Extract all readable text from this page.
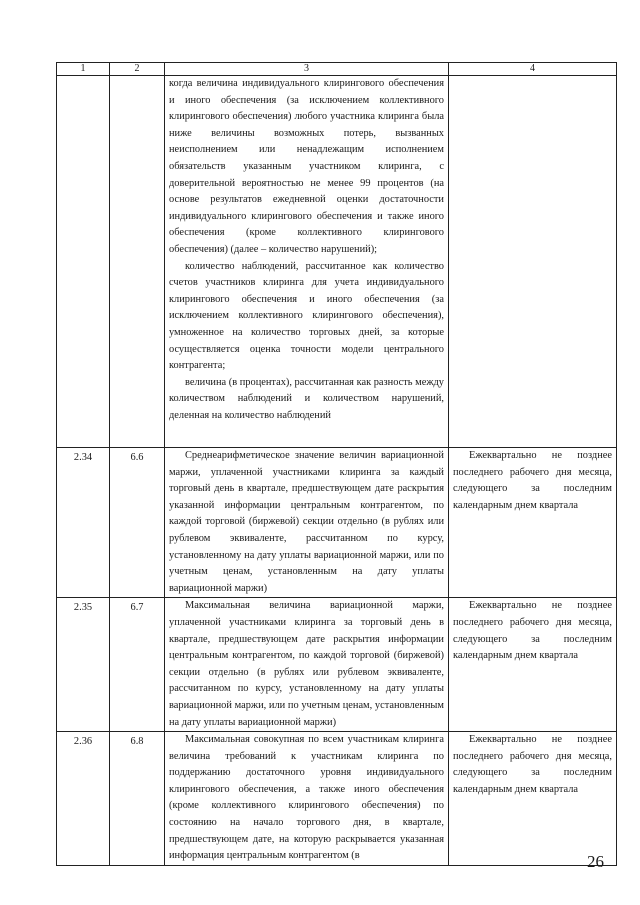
1	2	3	4

		когда величина индивидуального клирингового обеспечения и иного обеспечения (за исключением коллективного клирингового обеспечения) любого участника клиринга была ниже величины возможных потерь, вызванных неисполнением или ненадлежащим исполнением обязательств указанным участником клиринга, с доверительной вероятностью не менее 99 процентов (на основе результатов ежедневной оценки достаточности индивидуального клирингового обеспечения и также иного обеспечения (кроме коллективного клирингового обеспечения) (далее – количество нарушений);

количество наблюдений, рассчитанное как количество счетов участников клиринга для учета индивидуального клирингового обеспечения и иного обеспечения (за исключением коллективного клирингового обеспечения), умноженное на количество торговых дней, за которые осуществляется оценка точности модели центрального контрагента;

величина (в процентах), рассчитанная как разность между количеством наблюдений и количеством нарушений, деленная на количество наблюдений	

2.34	6.6	Среднеарифметическое значение величин вариационной маржи, уплаченной участниками клиринга за каждый торговый день в квартале, предшествующем дате раскрытия указанной информации центральным контрагентом, по каждой торговой (биржевой) секции отдельно (в рублях или рублевом эквиваленте, рассчитанном по курсу, установленному на дату уплаты вариационной маржи, или по учетным ценам, установленным на дату уплаты вариационной маржи)	Ежеквартально не позднее последнего рабочего дня месяца, следующего за последним календарным днем квартала

2.35	6.7	Максимальная величина вариационной маржи, уплаченной участниками клиринга за торговый день в квартале, предшествующем дате раскрытия информации центральным контрагентом, по каждой торговой (биржевой) секции отдельно (в рублях или рублевом эквиваленте, рассчитанном по курсу, установленному на дату уплаты вариационной маржи, или по учетным ценам, установленным на дату уплаты вариационной маржи)	Ежеквартально не позднее последнего рабочего дня месяца, следующего за последним календарным днем квартала

2.36	6.8	Максимальная совокупная по всем участникам клиринга величина требований к участникам клиринга по поддержанию достаточного уровня индивидуального клирингового обеспечения, а также иного обеспечения (кроме коллективного клирингового обеспечения) по состоянию на начало торгового дня, в квартале, предшествующем дате, на которую раскрывается указанная информация центральным контрагентом (в	Ежеквартально не позднее последнего рабочего дня месяца, следующего за последним календарным днем квартала

26
